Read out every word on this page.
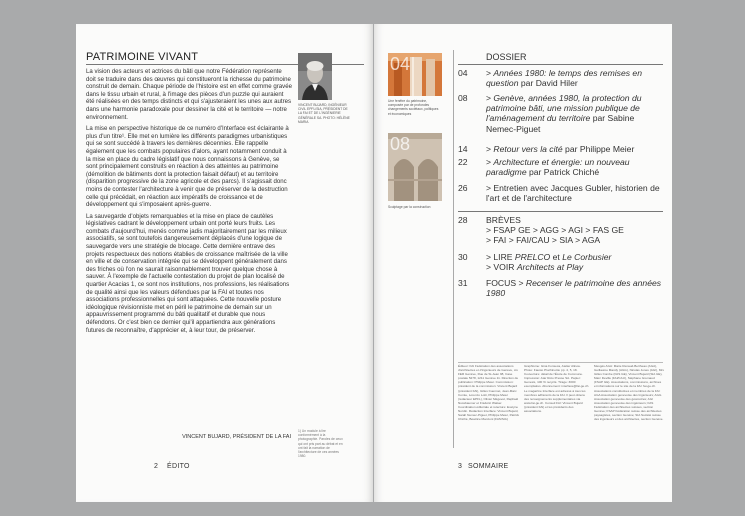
PATRIMOINE VIVANT

La vision des acteurs et actrices du bâti que notre Fédération représente doit se traduire dans des œuvres qui constitueront la richesse du patrimoine construit de demain. Chaque période de l'histoire est en effet comme gravée dans le tissu urbain et rural, à l'image des pièces d'un puzzle qui auraient été réalisées en des temps distincts et qui s'ajusteraient les unes aux autres dans une harmonie paradoxale pour dessiner la cité et le territoire — notre environnement.

La mise en perspective historique de ce numéro d'Interface est éclairante à plus d'un titre¹. Elle met en lumière les différents paradigmes urbanistiques qui se sont succédé à travers les dernières décennies. Elle rappelle également que les combats populaires d'alors, ayant notamment conduit à la mise en place du cadre législatif que nous connaissons à Genève, se sont principalement construits en réaction à des atteintes au patrimoine (démolition de bâtiments dont la protection faisait défaut) et au territoire (disparition progressive de la zone agricole et des parcs). Il s'agissait donc moins de contester l'architecture à venir que de préserver de la destruction celle qui précédait, en réaction aux impératifs de croissance et de développement qui s'imposaient après-guerre.

La sauvegarde d'objets remarquables et la mise en place de cautèles législatives cadrant le développement urbain ont porté leurs fruits. Les combats d'aujourd'hui, menés comme jadis majoritairement par les milieux associatifs, se sont toutefois dangereusement déplacés d'une logique de sauvegarde vers une stratégie de blocage. Cette dernière entrave des projets respectueux des notions établies de croissance maîtrisée de la ville en ville et de conservation intégrée qui se développent généralement dans des friches où l'on ne saurait raisonnablement trouver quelque chose à sauver. À l'exemple de l'actuelle contestation du projet de plan localisé de quartier Acacias 1, ce sont nos institutions, nos professions, les réalisations de qualité ainsi que les valeurs défendues par la FAI et toutes nos associations professionnelles qui sont attaquées. Cette nouvelle posture idéologique révisionniste met en péril le patrimoine de demain sur un appauvrissement programmé du bâti qualitatif et durable que nous défendons. Or c'est bien ce dernier qui'il appartiendra aux générations futures de reconnaître, d'apprécier et, à leur tour, de préserver.

VINCENT BUJARD, PRÉSIDENT DE LA FAI
VINCENT BUJARD, INGÉNIEUR CIVIL EPFL/SIA, PRÉSIDENT DE LA FAI ET DE L'INGÉNIERIE GÉNÉRALE SA. PHOTO: HÉLÈNE MARIA
1) Un module à lire conformément à la photographie. Paroles de ceux qui ont pris part au débat et en ont fait la narration de l'architecture de ces années 1980.
2 ÉDITO
04
Une fenêtre du patrimoine, composée par de profondes changements sociétaux, politiques et économiques
08
Sculptage par la construction
DOSSIER
04 > Années 1980: le temps des remises en question par David Hiler
08 > Genève, années 1980, la protection du patrimoine bâti, une mission publique de l'aménagement du territoire par Sabine Nemec-Piguet
14 > Retour vers la cité par Philippe Meier
22 > Architecture et énergie: un nouveau paradigme par Patrick Chiché
26 > Entretien avec Jacques Gubler, historien de l'art et de l'architecture
28 BRÈVES
> FSAP GE > AGG > AGI > FAS GE
> FAI > FAI/CAU > SIA > AGA
30 > LIRE PRELCO et Le Corbusier
> VOIR Architects at Play
31 FOCUS > Recenser le patrimoine des années 1980
Éditeur: FAI Fédération des associations d'architectes et d'ingénieurs de Genève, c/o FER Genève, Rue de St-Jean 98, Case postale 5278, 1211 Genève 11. Direction de publication: Philippe Meier. Commission: président de la commission: Vincent Bujard (président FAI), Gilles Cuennet, Jean-Marc Comte, Lorenzo Lotti, Philippe Meier (rédacteur EPFL), Olivier Mégevet, Raphaël Nussbaumer et Frédéric Walser. Coordination éditoriale et relecture: Evelyne Nordin. Rédaction Interface: Vincent Bujard, Sarah Nemec-Piguet, Philippe Meier, Patrick Chiché, Béatrice Manzoni (FAS/SIA)
Graphisme: Gina Fonseca, Atelier Alinéa. Photo: Fausto Pluchinotta: pp. 4, 5, 18. Couverture: détail de l'École de Commune. Impression: Atar Roto Presse SA. Papier: Genesis, 100 % recyclé. Tirage: 3000 exemplaires. Abonnement: interface@fai-ge.ch. Le magazine Interface est adressé à tous les membres adhérents de la FAI. Il peut obtenu des renseignements supplémentaires via www.fai-ge.ch. Conseil FAI: Vincent Bujard (président FAI) et les présidents des associations.
Mesgès AGA: Marie Renaud-Bertheau (AGA), Guillaume Mandy (AGG), Nicolas Jones (AGI), Mrs Gilles Combe (FAS GE), Vincent Bujard (SIA GE), Marc Deville (FAI/CAU), Stéphane Gremaud (FSAP GE). Associations, commissions, archives et informations sur le site de la FAI: fai-ge.ch. Associations constitutives et membres de la FAI: AGA Association genevoise des Ingénieurs; AGG Association genevoise des géomètres; AGI Association genevoise des ingénieurs; FAS Fédération des architectes suisses, section Genève; FSAP Fédération suisse des architectes paysagistes, section Genève; SIA Société suisse des ingénieurs et des architectes, section Genève.
3 SOMMAIRE
